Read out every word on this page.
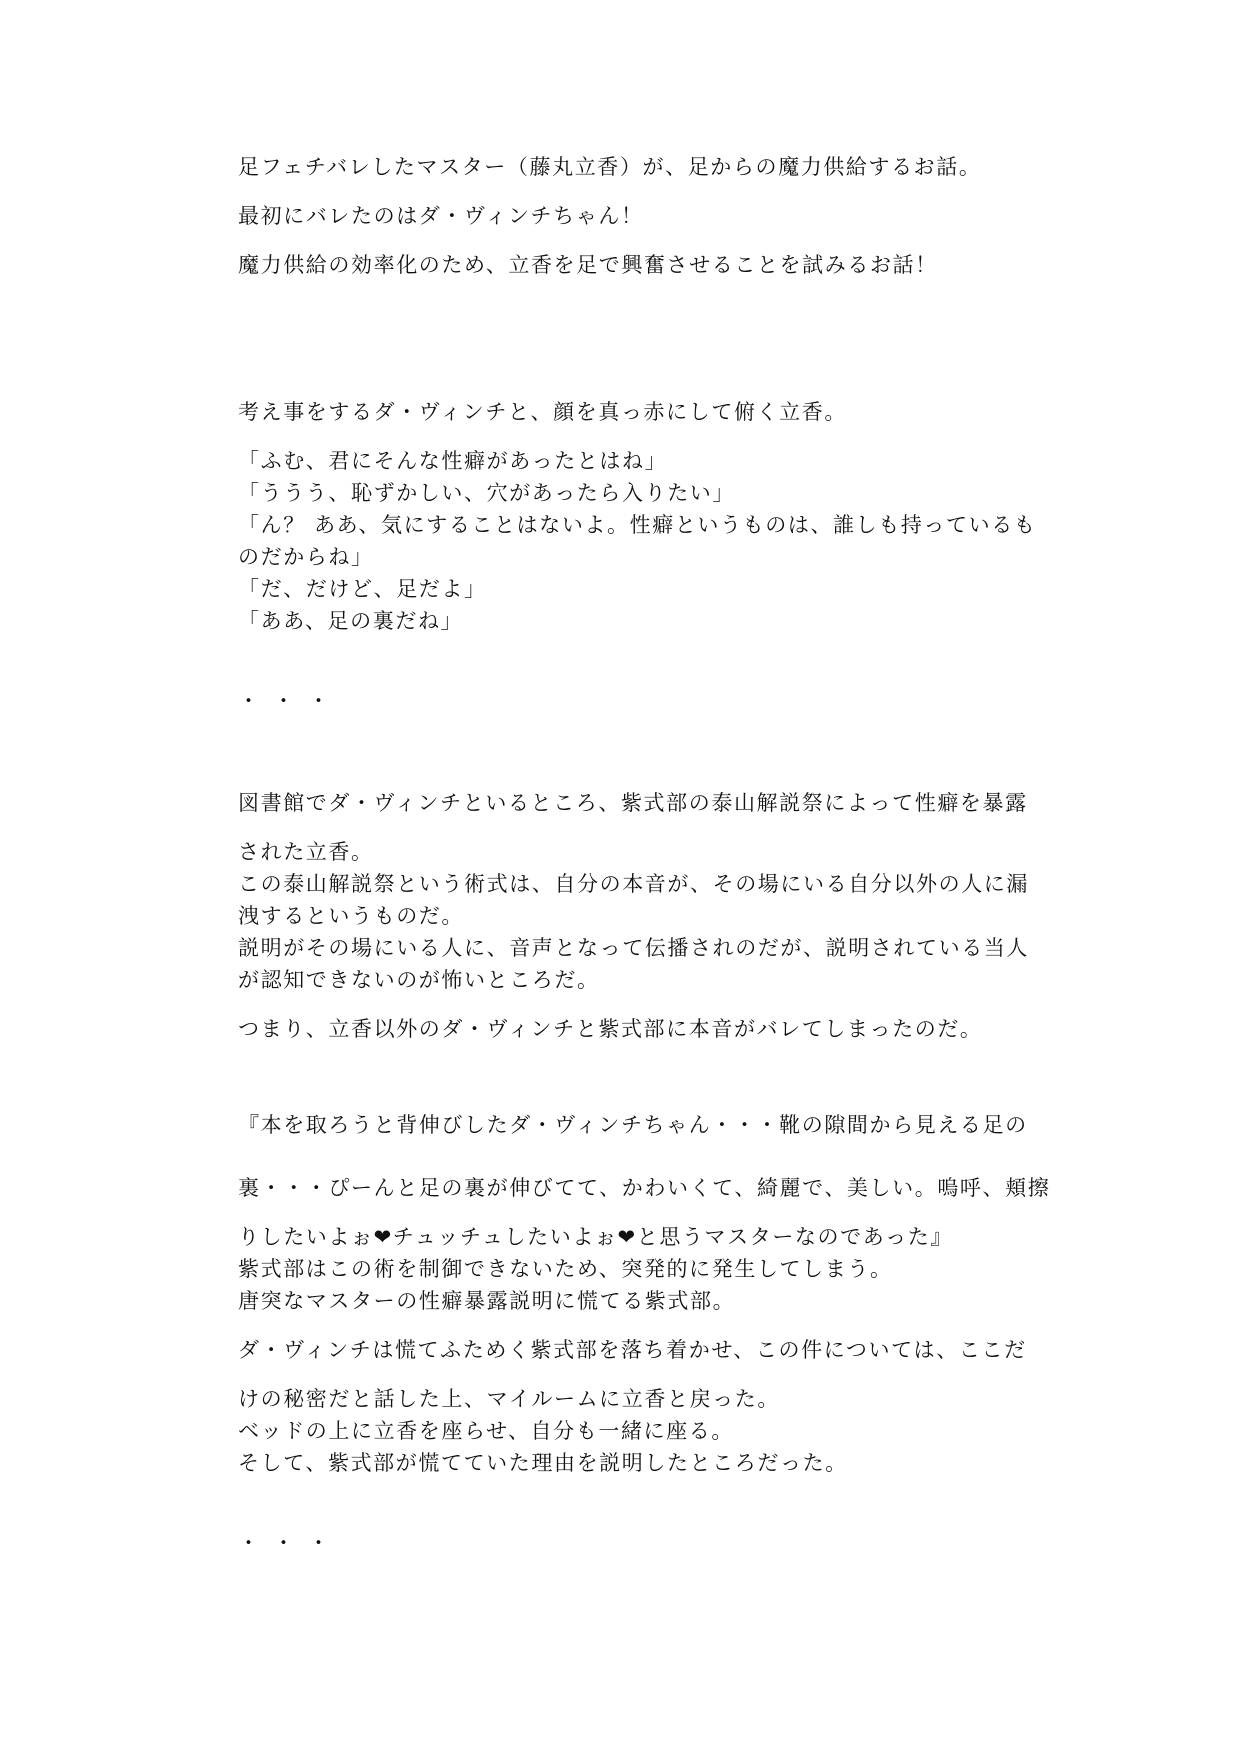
足フェチバレしたマスター（藤丸立香）が、足からの魔力供給するお話。
最初にバレたのはダ・ヴィンチちゃん！
魔力供給の効率化のため、立香を足で興奮させることを試みるお話！
考え事をするダ・ヴィンチと、顔を真っ赤にして俯く立香。
「ふむ、君にそんな性癖があったとはね」
「ううう、恥ずかしい、穴があったら入りたい」
「ん？ ああ、気にすることはないよ。性癖というものは、誰しも持っているも
のだからね」
「だ、だけど、足だよ」
「ああ、足の裏だね」
・・・
図書館でダ・ヴィンチといるところ、紫式部の泰山解説祭によって性癖を暴露
された立香。
この泰山解説祭という術式は、自分の本音が、その場にいる自分以外の人に漏
洩するというものだ。
説明がその場にいる人に、音声となって伝播されのだが、説明されている当人
が認知できないのが怖いところだ。
つまり、立香以外のダ・ヴィンチと紫式部に本音がバレてしまったのだ。
『本を取ろうと背伸びしたダ・ヴィンチちゃん・・・靴の隙間から見える足の
裏・・・ぴーんと足の裏が伸びてて、かわいくて、綺麗で、美しい。嗚呼、頬擦
りしたいよぉ❤チュッチュしたいよぉ❤と思うマスターなのであった』
紫式部はこの術を制御できないため、突発的に発生してしまう。
唐突なマスターの性癖暴露説明に慌てる紫式部。
ダ・ヴィンチは慌てふためく紫式部を落ち着かせ、この件については、ここだ
けの秘密だと話した上、マイルームに立香と戻った。
ベッドの上に立香を座らせ、自分も一緒に座る。
そして、紫式部が慌てていた理由を説明したところだった。
・・・
